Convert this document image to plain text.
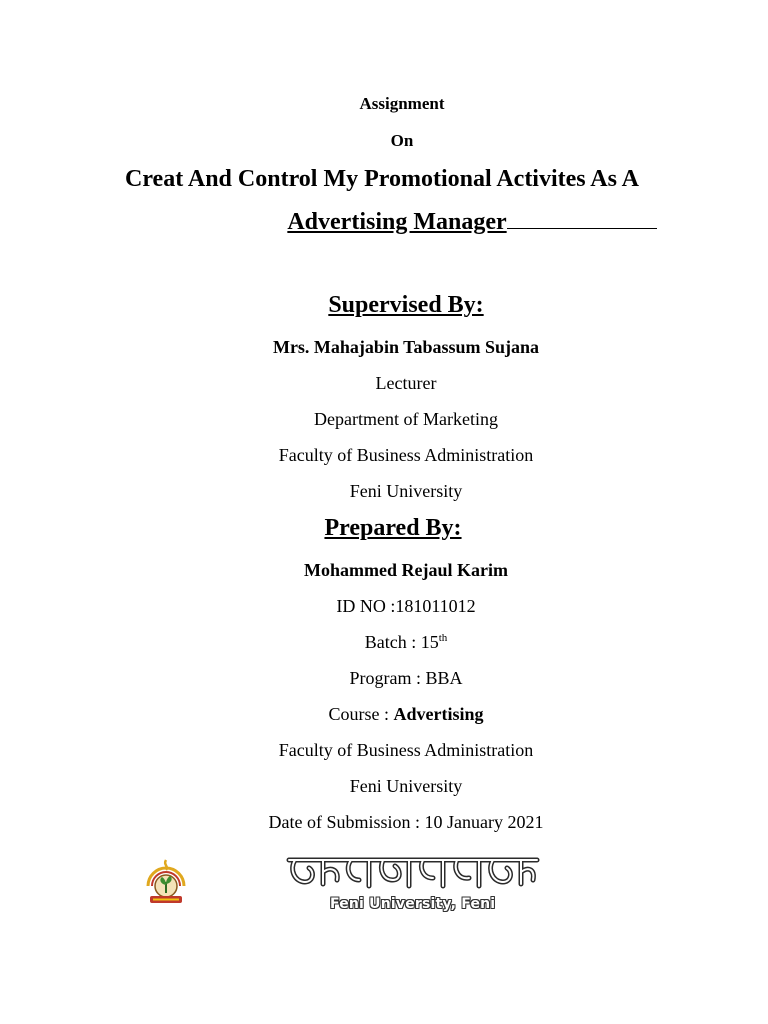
Assignment
On
Creat And Control My Promotional Activites As A
Advertising Manager
Supervised By:
Mrs. Mahajabin Tabassum Sujana
Lecturer
Department of Marketing
Faculty of Business Administration
Feni University
Prepared By:
Mohammed Rejaul Karim
ID NO :181011012
Batch : 15th
Program : BBA
Course : Advertising
Faculty of Business Administration
Feni University
Date of Submission : 10 January 2021
Feni University, Feni
